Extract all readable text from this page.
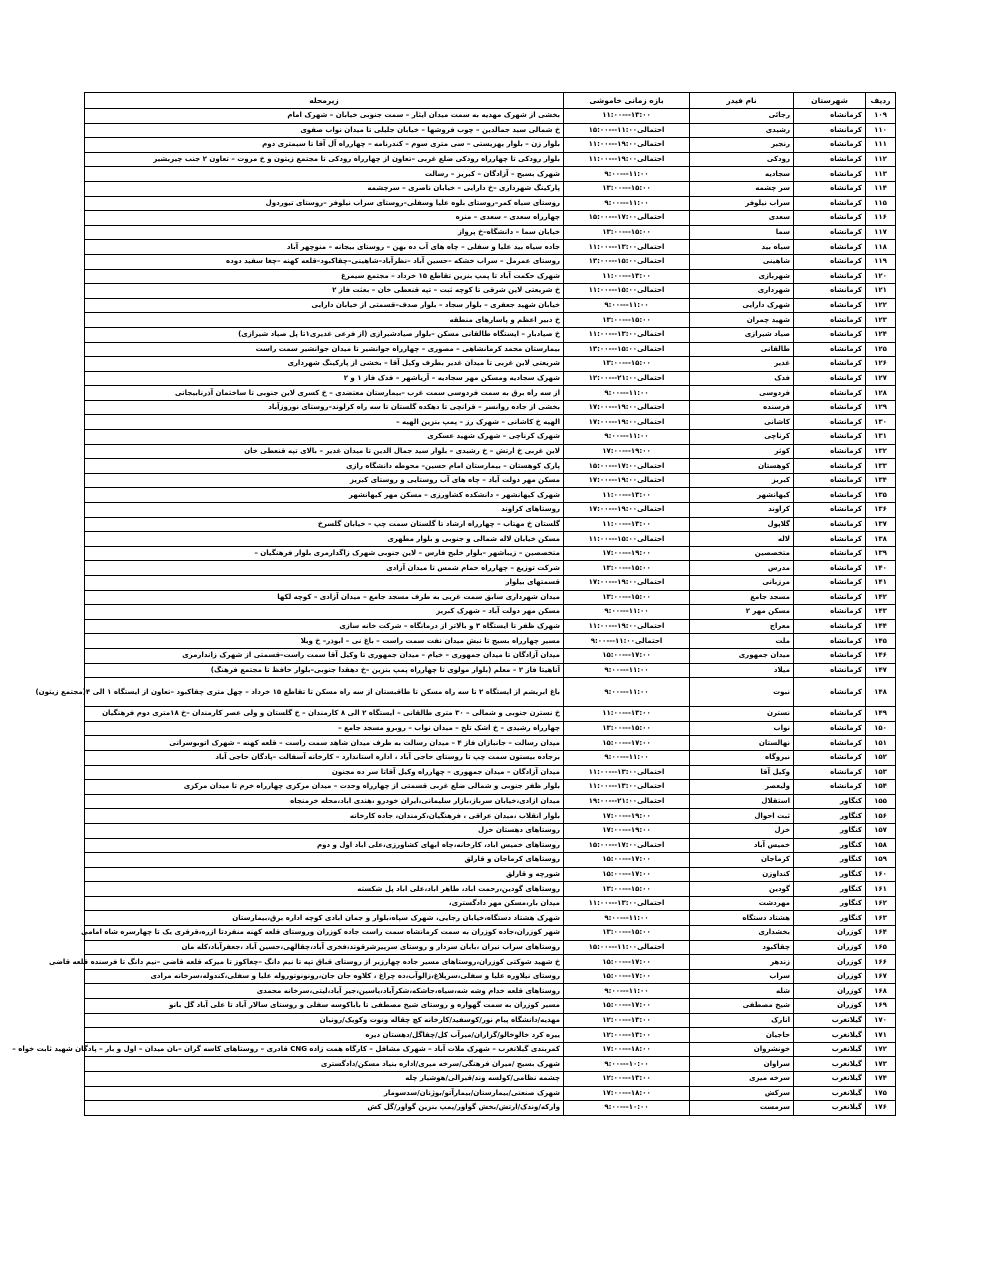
ردیف	شهرستان	نام فیدر	بازه زمانی خاموشی	زیرمحله
۱۰۹	کرمانشاه	رجائی	۱۱:۰۰---۱۳:۰۰	بخشی از شهرک مهدیه به سمت میدان ایثار – سمت جنوبی خیابان – شهرک امام
۱۱۰	کرمانشاه	رشیدی	۱۵:۰۰---۱۱:۰۰احتمالی	خ شمالی سید جمالدین – چوب فروشها – خیابان جلیلی تا میدان نواب صفوی
۱۱۱	کرمانشاه	رنجبر	۱۱:۰۰---۱۹:۰۰احتمالی	بلوار زن – بلوار بهزیستی – سی متری سوم – کندرنامه – چهارراه آل آقا تا سیمتری دوم
۱۱۲	کرمانشاه	رودکی	۱۱:۰۰---۱۹:۰۰احتمالی	بلوار رودکی تا چهارراه رودکی ضلع غربی –تعاون از چهارراه رودکی تا مجتمع زیتون و خ مروت – تعاون ۲ جنب چیربشیر
۱۱۳	کرمانشاه	سجادیه	۹:۰۰---۱۱:۰۰	شهرک بسیج – آزادگان – کبریز – رسالت
۱۱۴	کرمانشاه	سر چشمه	۱۳:۰۰---۱۵:۰۰	پارکینگ شهرداری –خ دارایی – خیابان ناصری – سرچشمه
۱۱۵	کرمانشاه	سراب نیلوفر	۹:۰۰---۱۱:۰۰	روستای سیاه کمر–روستای بلوه علیا وسفلی–روستای سراب نیلوفر –روستای تیوردول
۱۱۶	کرمانشاه	سعدی	۱۵:۰۰---۱۷:۰۰احتمالی	چهارراه سعدی – سعدی – منزه
۱۱۷	کرمانشاه	سما	۱۳:۰۰---۱۵:۰۰	خیابان سما – دانشگاه–خ پرواز
۱۱۸	کرمانشاه	سیاه بید	۱۱:۰۰---۱۳:۰۰احتمالی	جاده سیاه بید علیا و سفلی – چاه های آب ده بهن – روستای بیجانه – منوچهر آباد
۱۱۹	کرمانشاه	شاهینی	۱۳:۰۰---۱۵:۰۰احتمالی	روستای عمرمل – سراب خشکه –حسین آباد –نظرآباد–شاهینی–چقاکبود–قلعه کهنه –چغا سفید دوده
۱۲۰	کرمانشاه	شهربازی	۱۱:۰۰---۱۳:۰۰	شهرک حکمت آباد تا پمپ بنزین تقاطع ۱۵ خرداد – مجتمع سیمرغ
۱۲۱	کرمانشاه	شهرداری	۱۱:۰۰---۱۵:۰۰احتمالی	خ شریعتی لاین شرقی تا کوچه ثبت – تپه قنعطی خان – بعثت فاز ۲
۱۲۲	کرمانشاه	شهرک دارایی	۹:۰۰---۱۱:۰۰	خیابان شهید جعفری – بلوار سجاد – بلوار صدف–قسمتی از خیابان دارایی
۱۲۳	کرمانشاه	شهید چمران	۱۳:۰۰---۱۵:۰۰	خ دبیر اعظم و پاسارهای منطقه
۱۲۴	کرمانشاه	صیاد شیرازی	۱۱:۰۰---۱۳:۰۰احتمالی	خ صیادبار – ایستگاه طالقانی مسکن –بلوار صیادشیرازی (از فرعی غدیری۱تا پل صیاد شیرازی)
۱۲۵	کرمانشاه	طالقانی	۱۳:۰۰---۱۵:۰۰احتمالی	بیمارستان محمد کرمانشاهی – مصوری – چهارراه جوانشیر تا میدان جوانشیر سمت راست
۱۲۶	کرمانشاه	غدیر	۱۳:۰۰---۱۵:۰۰	شریعتی لاین غربی تا میدان غدیر بطرف وکیل آقا – بخشی از پارکینگ شهرداری
۱۲۷	کرمانشاه	فدک	۱۲:۰۰---۲۱:۰۰احتمالی	شهرک سجادیه ومسکن مهر سجادیه – آریاشهر – فدک فاز ۱ و ۲
۱۲۸	کرمانشاه	فردوسی	۹:۰۰---۱۱:۰۰	از سه راه برق به سمت فردوسی سمت غرب –بیمارستان معتضدی – خ کسری لاین جنوبی تا ساختمان آذرنابیجانی
۱۲۹	کرمانشاه	فرسنده	۱۷:۰۰---۱۹:۰۰احتمالی	بخشی از جاده روانسر – قرانچی تا دهکده گلستان تا سه راه کرلوند–روستای نوروزآباد
۱۳۰	کرمانشاه	کاشانی	۱۷:۰۰---۱۹:۰۰احتمالی	الهیه خ کاشانی – شهرک رز – پمپ بنزین الهیه –
۱۳۱	کرمانشاه	کرناچی	۹:۰۰---۱۱:۰۰	شهرک کرناچی – شهرک شهید عسکری
۱۳۲	کرمانشاه	کوثر	۱۷:۰۰---۱۹:۰۰	لاین غربی خ ارتش – خ رشیدی – بلوار سید جمال الدین تا میدان غدیر – بالای تپه قنعطی خان
۱۳۳	کرمانشاه	کوهستان	۱۵:۰۰---۱۷:۰۰احتمالی	پارک کوهستان – بیمارستان امام حسین– محوطه دانشگاه رازی
۱۳۴	کرمانشاه	کبریز	۱۷:۰۰---۱۹:۰۰احتمالی	مسکن مهر دولت آباد – چاه های آب روستایی و روستای کبریز
۱۳۵	کرمانشاه	کیهانشهر	۱۱:۰۰---۱۳:۰۰	شهرک کیهانشهر – دانشکده کشاورزی – مسکن مهر کیهانشهر
۱۳۶	کرمانشاه	کراوند	۱۷:۰۰---۱۹:۰۰احتمالی	روستاهای کراوند
۱۳۷	کرمانشاه	گلاپول	۱۱:۰۰---۱۳:۰۰	گلستان خ مهتاب – چهارراه ارشاد تا گلستان سمت چپ – خیابان گلسرخ
۱۳۸	کرمانشاه	لاله	۱۱:۰۰---۱۵:۰۰احتمالی	مسکن خیابان لاله شمالی و جنوبی و بلوار مطهری
۱۳۹	کرمانشاه	متخصصین	۱۷:۰۰---۱۹:۰۰	متخصصین – زیباشهر –بلوار خلیج فارس – لاین جنوبی شهرک زاگدارمری بلوار فرهنگیان –
۱۴۰	کرمانشاه	مدرس	۱۳:۰۰---۱۵:۰۰	شرکت توزیع – چهارراه حمام شمس تا میدان آزادی
۱۴۱	کرمانشاه	مرزبانی	۱۷:۰۰---۱۹:۰۰احتمالی	قسمتهای بیلوار
۱۴۲	کرمانشاه	مسجد جامع	۱۳:۰۰---۱۵:۰۰	میدان شهرداری سابق سمت غربی به طرف مسجد جامع – میدان آزادی – کوچه لکها
۱۴۳	کرمانشاه	مسکن مهر ۲	۹:۰۰---۱۱:۰۰	مسکن مهر دولت آباد – شهرک کبریز
۱۴۴	کرمانشاه	معراج	۱۱:۰۰---۱۹:۰۰احتمالی	شهرک ظفر تا ایستگاه ۳ و بالاتر از درمانگاه – شرکت خانه سازی
۱۴۵	کرمانشاه	ملت	۹:۰۰---۱۱:۰۰احتمالی	مسیر چهارراه بسیج تا نبش میدان نفت سمت راست – باغ نی – ابوذر– خ ویلا
۱۴۶	کرمانشاه	میدان جمهوری	۱۵:۰۰---۱۷:۰۰	میدان آزادگان تا میدان جمهوری – خیام – میدان جمهوری تا وکیل آقا سمت راست–قسمتی از شهرک زاندارمری
۱۴۷	کرمانشاه	میلاد	۹:۰۰---۱۱:۰۰	آناهیتا فاز ۲ – معلم (بلوار مولوی تا چهارراه پمپ بنزین –خ دهقدا جنوبی–بلوار حافظ تا مجتمع فرهنگ)
۱۴۸	کرمانشاه	نبوت	۹:۰۰---۱۱:۰۰	باغ ابریشم از ایستگاه ۲ تا سه راه مسکن تا طاقبستان از سه راه مسکن تا تقاطع ۱۵ خرداد – چهل متری چقاکبود –تعاون از ایستگاه ۱ الی ۴(مجتمع زیتون)
۱۴۹	کرمانشاه	نسترن	۱۱:۰۰---۱۳:۰۰	خ نسترن جنوبی و شمالی – ۳۰ متری طالقانی – ایستگاه ۲ الی ۸ کارمندان – خ گلستان و ولی عصر کارمندان –خ ۱۸متری دوم فرهنگیان
۱۵۰	کرمانشاه	نواب	۱۳:۰۰---۱۵:۰۰	چهارراه رشیدی – خ اشک تلخ – میدان نواب – روبرو مسجد جامع –
۱۵۱	کرمانشاه	نهالستان	۱۵:۰۰---۱۷:۰۰	میدان رسالت – جانبازان فاز ۴ – میدان رسالت به طرف میدان شاهد سمت راست – قلعه کهنه – شهرک اتوبوسرانی
۱۵۲	کرمانشاه	نیروگاه	۹:۰۰---۱۱:۰۰	برجاده بیستون سمت چپ تا روستای حاجی آباد ، اداره استاندارد – کارخانه آسفالت –پادگان حاجی آباد
۱۵۳	کرمانشاه	وکیل آقا	۱۱:۰۰---۱۳:۰۰احتمالی	میدان آزادگان – میدان جمهوری – چهارراه وکیل آقاتا سر ده مجنون
۱۵۴	کرمانشاه	ولیعصر	۱۱:۰۰---۱۳:۰۰احتمالی	بلوار ظفر جنوبی و شمالی ضلع غربی قسمتی از چهارراه وحدت – میدان مرکزی چهارراه خرم تا میدان مرکزی
۱۵۵	کنگاور	استقلال	۱۹:۰۰---۲۱:۰۰احتمالی	میدان ازادی،خیابان سرباز،بازار سلیمانی،ایران خودرو ،هندی اباد،محله خرمنجاه
۱۵۶	کنگاور	ثبت احوال	۱۷:۰۰---۱۹:۰۰	بلوار انقلاب ،میدان عراقی ، فرهنگیان،کرمندان، جاده کارخانه
۱۵۷	کنگاور	خزل	۱۷:۰۰---۱۹:۰۰	روستاهای دهستان خزل
۱۵۸	کنگاور	خمیس آباد	۱۵:۰۰---۱۷:۰۰احتمالی	روستاهای خمیس اباد، کارخانه،چاه ابهای کشاورزی،علی اباد اول و دوم
۱۵۹	کنگاور	کرماجان	۱۵:۰۰---۱۷:۰۰	روستاهای کرماجان و قارلق
۱۶۰	کنگاور	کنداوزن	۱۵:۰۰---۱۷:۰۰	شورچه و قارلق
۱۶۱	کنگاور	گودین	۱۳:۰۰---۱۵:۰۰	روستاهای گودین،رحمت اباد، طاهر اباد،علی اباد پل شکسته
۱۶۲	کنگاور	مهردشت	۱۱:۰۰---۱۳:۰۰احتمالی	میدان بار،مسکن مهر دادگستری،
۱۶۳	کنگاور	هشتاد دستگاه	۹:۰۰---۱۱:۰۰	شهرک هشتاد دستگاه،خیابان رجایی، شهرک سپاه،بلوار و جمان ابادی کوچه اداره برق،بیمارستان
۱۶۴	کوزران	بخشداری	۱۳:۰۰---۱۵:۰۰	شهر کوزران،جاده کوزران به سمت کرمانشاه سمت راست جاده کوزران وروستای قلعه کهنه منفردتا ازره،قرقری یک تا چهارسره شاه امامی
۱۶۵	کوزران	چقاکبود	۱۵:۰۰---۱۱:۰۰احتمالی	روستاهای سراب نیران ،بابان سردار و روستای سرپیرشرقوند،فخری آباد،چقالهی،حسین آباد ،جعفرآباد،کله مان
۱۶۶	کوزران	زندهر	۱۵:۰۰---۱۷:۰۰	خ شهید شوکتی کوزران،روستاهای مسیر جاده چهارزبر از روستای قباق تپه تا نیم دانگ –چغاکوز تا میرکه قلعه قاضی –نیم دانگ تا فرسنده قلعه قاضی
۱۶۷	کوزران	سراب	۱۵:۰۰---۱۷:۰۰	روستای نیلاوره علیا و سفلی،سرپلاغ،زالوآب،ده چراغ ، کلاوه جان جان،رونونوتورولە علیا و سفلی،کندوله،سرخانه مرادی
۱۶۸	کوزران	شله	۹:۰۰---۱۱:۰۰	روستاهای قلعه خدام وشه شه،سیاه،جاشکه،شکرآباد،یاسین،جیر آباد،لیتی،سرخانه محمدی
۱۶۹	کوزران	شیخ مصطفی	۱۵:۰۰---۱۷:۰۰	مسیر کوزران به سمت گهواره و روستای شیخ مصطفی تا باباکوسه سفلی و روستای سالار آباد تا علی آباد گل بانو
۱۷۰	گیلانغرب	انارک	۱۲:۰۰---۱۳:۰۰	مهدیه/دانشگاه پیام نور/کوسفید/کارخانه کچ چقاله ونوت وکویک/رونیان
۱۷۱	گیلانغرب	حاجیان	۱۲:۰۰---۱۳:۰۰	ییره کرد خالوخالو/گزاران/میرآب کل/چقاگل/دهستان دیره
۱۷۲	گیلانغرب	خونشروان	۱۷:۰۰---۱۸:۰۰	کمربندی گیلانغرب – شهرک ملات آباد – شهرک مشافل – کارگاه همت زاده CNG قادری – روستاهای کاسه گران –بان میدان – اول و بار – پادگان شهید ثابت خواه –
۱۷۳	گیلانغرب	سراوان	۹:۰۰---۱۰:۰۰	شهرک بسیج /میران فرهنگی/سرخه میری/اداره بنیاد مسکن/دادگستری
۱۷۴	گیلانغرب	سرخه میری	۱۲:۰۰---۱۳:۰۰	چشمه نظامی/کولسه وند/قبرالی/هوشیار چله
۱۷۵	گیلانغرب	سرکش	۱۷:۰۰---۱۸:۰۰	شهرک صنعتی/بیمارستان/بیمارآتو/بوژنان/سدسومار
۱۷۶	گیلانغرب	سرمست	۹:۰۰---۱۰:۰۰	وارکه/وندک/ارتش/بخش گواور/پمپ بنزین گواور/گل کش
